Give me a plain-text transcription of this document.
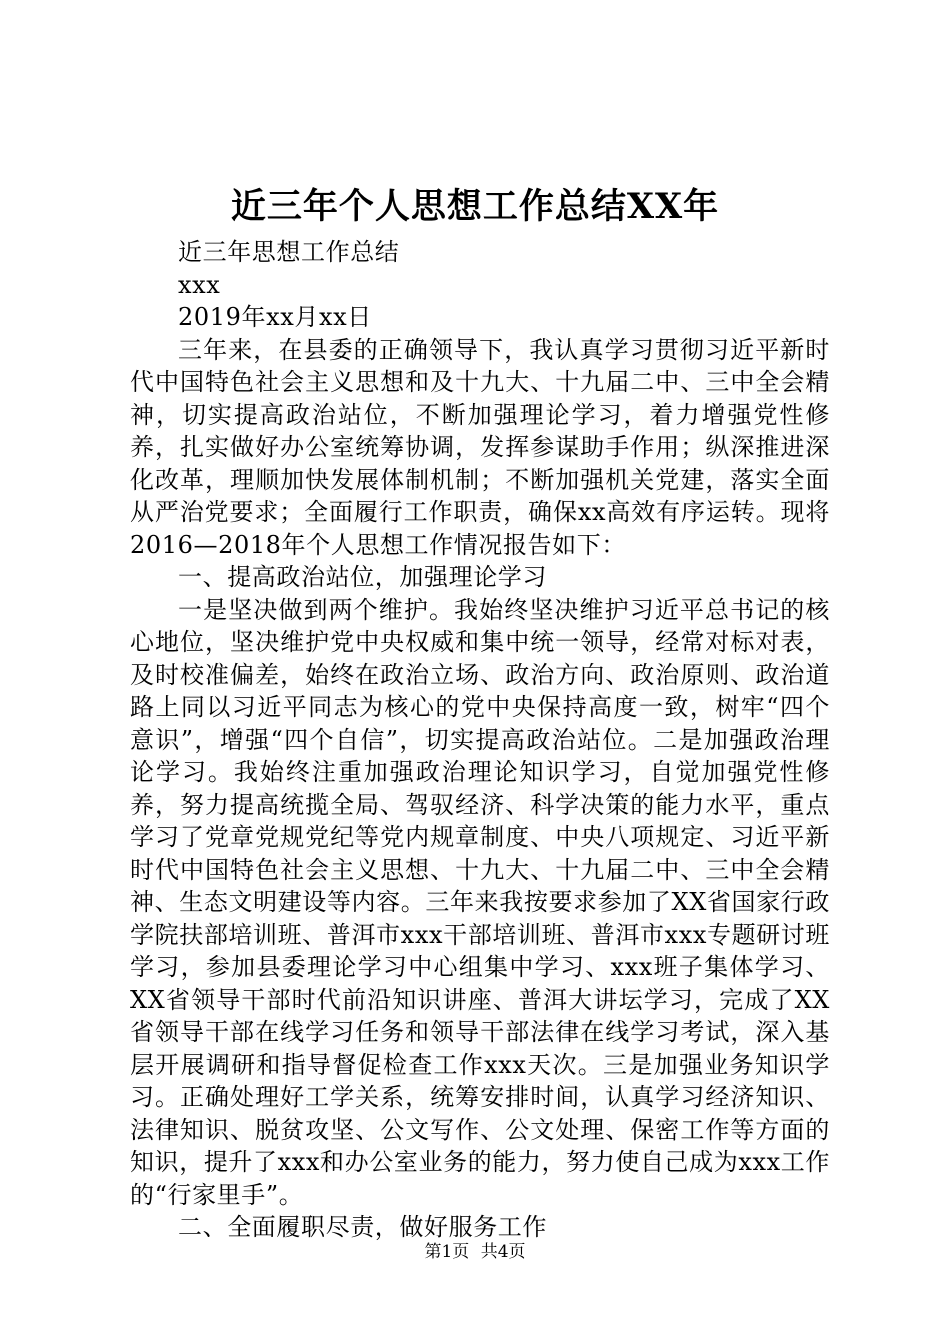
近三年个人思想工作总结XX年

近三年思想工作总结

xxx

2019年xx月xx日

三年来，在县委的正确领导下，我认真学习贯彻习近平新时代中国特色社会主义思想和及十九大、十九届二中、三中全会精神，切实提高政治站位，不断加强理论学习，着力增强党性修养，扎实做好办公室统筹协调，发挥参谋助手作用；纵深推进深化改革，理顺加快发展体制机制；不断加强机关党建，落实全面从严治党要求；全面履行工作职责，确保xx高效有序运转。现将2016—2018年个人思想工作情况报告如下：

一、提高政治站位，加强理论学习

一是坚决做到两个维护。我始终坚决维护习近平总书记的核心地位，坚决维护党中央权威和集中统一领导，经常对标对表，及时校准偏差，始终在政治立场、政治方向、政治原则、政治道路上同以习近平同志为核心的党中央保持高度一致，树牢“四个意识”，增强“四个自信”，切实提高政治站位。二是加强政治理论学习。我始终注重加强政治理论知识学习，自觉加强党性修养，努力提高统揽全局、驾驭经济、科学决策的能力水平，重点学习了党章党规党纪等党内规章制度、中央八项规定、习近平新时代中国特色社会主义思想、十九大、十九届二中、三中全会精神、生态文明建设等内容。三年来我按要求参加了XX省国家行政学院扶部培训班、普洱市xxx干部培训班、普洱市xxx专题研讨班学习，参加县委理论学习中心组集中学习、xxx班子集体学习、XX省领导干部时代前沿知识讲座、普洱大讲坛学习，完成了XX省领导干部在线学习任务和领导干部法律在线学习考试，深入基层开展调研和指导督促检查工作xxx天次。三是加强业务知识学习。正确处理好工学关系，统筹安排时间，认真学习经济知识、法律知识、脱贫攻坚、公文写作、公文处理、保密工作等方面的知识，提升了xxx和办公室业务的能力，努力使自己成为xxx工作的“行家里手”。

二、全面履职尽责，做好服务工作

第1页 共4页
